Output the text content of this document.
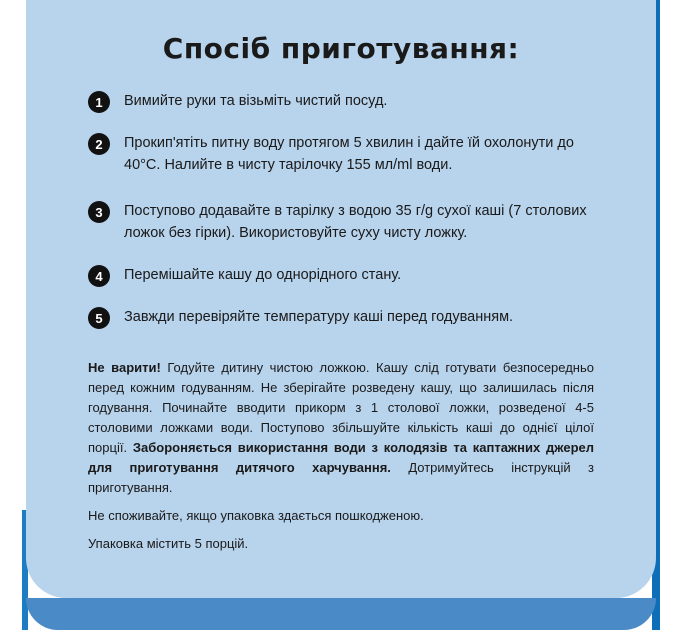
Спосіб приготування:
1	Вимийте руки та візьміть чистий посуд.
2	Прокип'ятіть питну воду протягом 5 хвилин і дайте їй охолонути до 40°С. Налийте в чисту тарілочку 155 мл/ml води.
3	Поступово додавайте в тарілку з водою 35 г/g сухої каші (7 столових ложок без гірки). Використовуйте суху чисту ложку.
4	Перемішайте кашу до однорідного стану.
5	Завжди перевіряйте температуру каші перед годуванням.

Не варити! Годуйте дитину чистою ложкою. Кашу слід готувати безпосередньо перед кожним годуванням. Не зберігайте розведену кашу, що залишилась після годування. Починайте вводити прикорм з 1 столової ложки, розведеної 4-5 столовими ложками води. Поступово збільшуйте кількість каші до однієї цілої порції. Забороняється використання води з колодязів та каптажних джерел для приготування дитячого харчування. Дотримуйтесь інструкцій з приготування.

Не споживайте, якщо упаковка здається пошкодженою.

Упаковка містить 5 порцій.
